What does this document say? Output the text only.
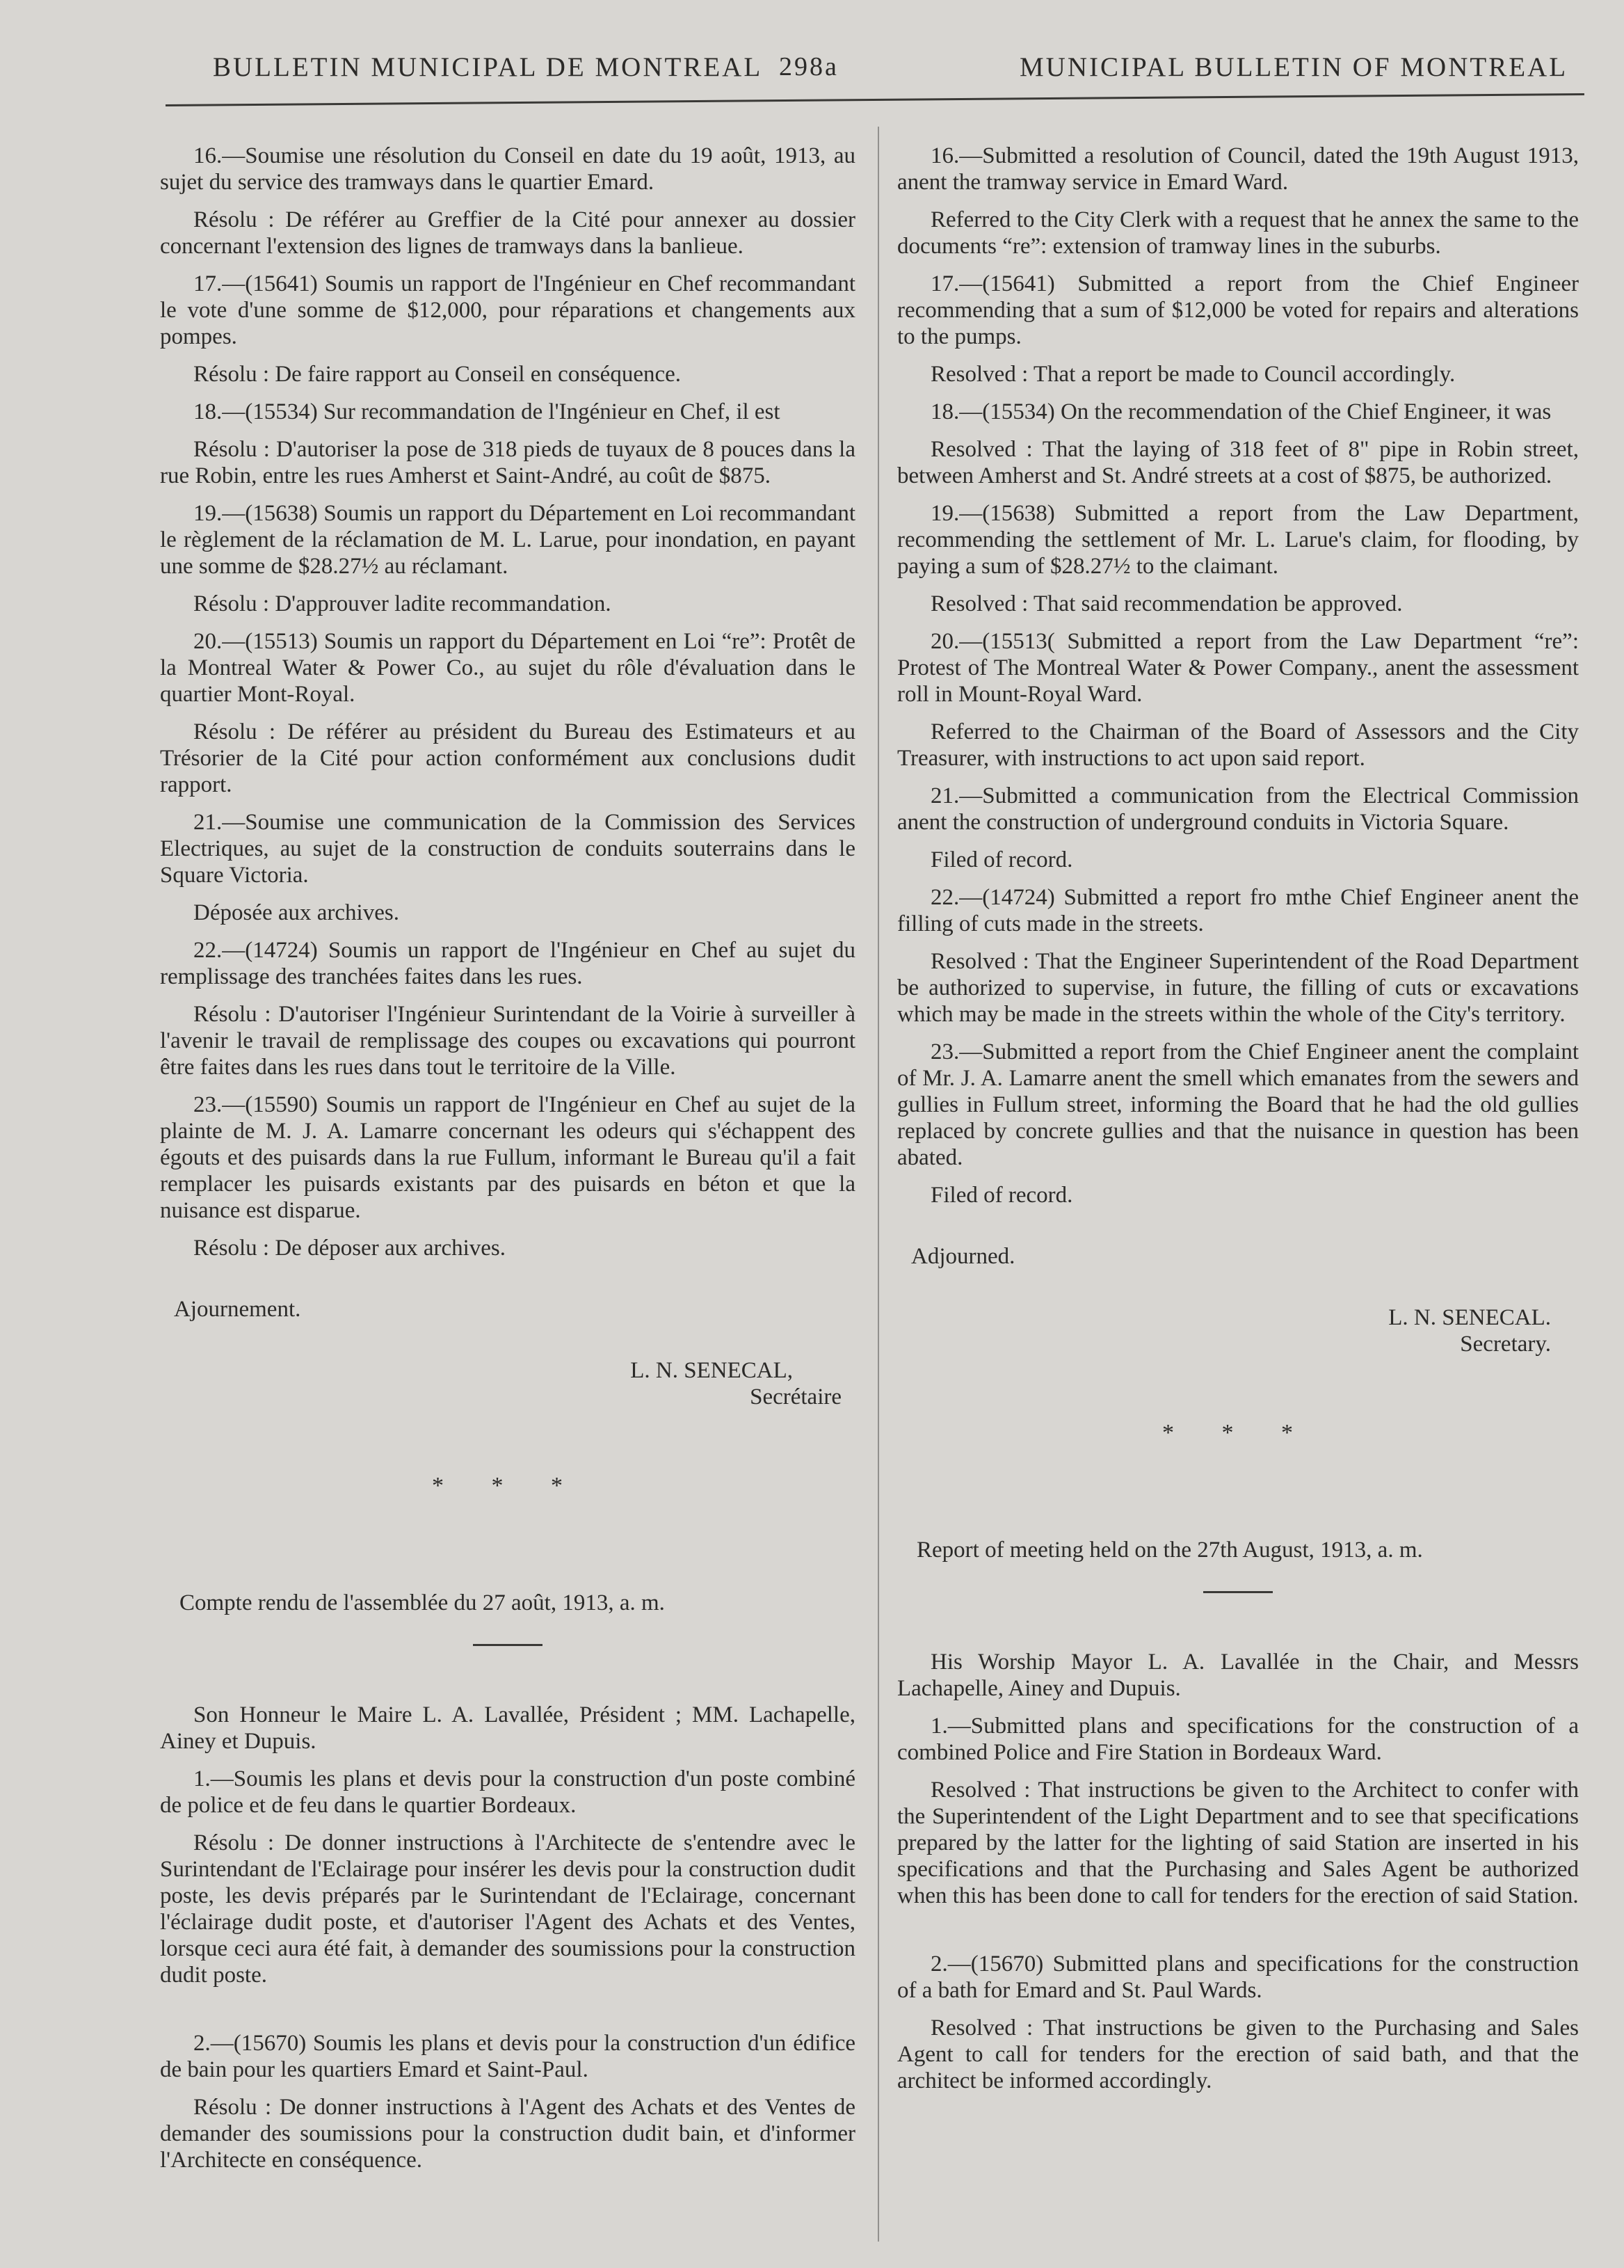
BULLETIN MUNICIPAL DE MONTREAL 298a	MUNICIPAL BULLETIN OF MONTREAL

16.—Soumise une résolution du Conseil en date du 19 août, 1913, au sujet du service des tramways dans le quartier Emard.

Résolu : De référer au Greffier de la Cité pour annexer au dossier concernant l'extension des lignes de tramways dans la banlieue.

17.—(15641) Soumis un rapport de l'Ingénieur en Chef recommandant le vote d'une somme de $12,000, pour réparations et changements aux pompes.

Résolu : De faire rapport au Conseil en conséquence.

18.—(15534) Sur recommandation de l'Ingénieur en Chef, il est

Résolu : D'autoriser la pose de 318 pieds de tuyaux de 8 pouces dans la rue Robin, entre les rues Amherst et Saint-André, au coût de $875.

19.—(15638) Soumis un rapport du Département en Loi recommandant le règlement de la réclamation de M. L. Larue, pour inondation, en payant une somme de $28.27½ au réclamant.

Résolu : D'approuver ladite recommandation.

20.—(15513) Soumis un rapport du Département en Loi “re”: Protêt de la Montreal Water & Power Co., au sujet du rôle d'évaluation dans le quartier Mont-Royal.

Résolu : De référer au président du Bureau des Estimateurs et au Trésorier de la Cité pour action conformément aux conclusions dudit rapport.

21.—Soumise une communication de la Commission des Services Electriques, au sujet de la construction de conduits souterrains dans le Square Victoria.

Déposée aux archives.

22.—(14724) Soumis un rapport de l'Ingénieur en Chef au sujet du remplissage des tranchées faites dans les rues.

Résolu : D'autoriser l'Ingénieur Surintendant de la Voirie à surveiller à l'avenir le travail de remplissage des coupes ou excavations qui pourront être faites dans les rues dans tout le territoire de la Ville.

23.—(15590) Soumis un rapport de l'Ingénieur en Chef au sujet de la plainte de M. J. A. Lamarre concernant les odeurs qui s'échappent des égouts et des puisards dans la rue Fullum, informant le Bureau qu'il a fait remplacer les puisards existants par des puisards en béton et que la nuisance est disparue.

Résolu : De déposer aux archives.

Ajournement.

L. N. SENECAL,

Secrétaire

* * *

Compte rendu de l'assemblée du 27 août, 1913, a. m.

Son Honneur le Maire L. A. Lavallée, Président ; MM. Lachapelle, Ainey et Dupuis.

1.—Soumis les plans et devis pour la construction d'un poste combiné de police et de feu dans le quartier Bordeaux.

Résolu : De donner instructions à l'Architecte de s'entendre avec le Surintendant de l'Eclairage pour insérer les devis pour la construction dudit poste, les devis préparés par le Surintendant de l'Eclairage, concernant l'éclairage dudit poste, et d'autoriser l'Agent des Achats et des Ventes, lorsque ceci aura été fait, à demander des soumissions pour la construction dudit poste.

2.—(15670) Soumis les plans et devis pour la construction d'un édifice de bain pour les quartiers Emard et Saint-Paul.

Résolu : De donner instructions à l'Agent des Achats et des Ventes de demander des soumissions pour la construction dudit bain, et d'informer l'Architecte en conséquence.

16.—Submitted a resolution of Council, dated the 19th August 1913, anent the tramway service in Emard Ward.

Referred to the City Clerk with a request that he annex the same to the documents “re”: extension of tramway lines in the suburbs.

17.—(15641) Submitted a report from the Chief Engineer recommending that a sum of $12,000 be voted for repairs and alterations to the pumps.

Resolved : That a report be made to Council accordingly.

18.—(15534) On the recommendation of the Chief Engineer, it was

Resolved : That the laying of 318 feet of 8" pipe in Robin street, between Amherst and St. André streets at a cost of $875, be authorized.

19.—(15638) Submitted a report from the Law Department, recommending the settlement of Mr. L. Larue's claim, for flooding, by paying a sum of $28.27½ to the claimant.

Resolved : That said recommendation be approved.

20.—(15513( Submitted a report from the Law Department “re”: Protest of The Montreal Water & Power Company., anent the assessment roll in Mount-Royal Ward.

Referred to the Chairman of the Board of Assessors and the City Treasurer, with instructions to act upon said report.

21.—Submitted a communication from the Electrical Commission anent the construction of underground conduits in Victoria Square.

Filed of record.

22.—(14724) Submitted a report fro mthe Chief Engineer anent the filling of cuts made in the streets.

Resolved : That the Engineer Superintendent of the Road Department be authorized to supervise, in future, the filling of cuts or excavations which may be made in the streets within the whole of the City's territory.

23.—Submitted a report from the Chief Engineer anent the complaint of Mr. J. A. Lamarre anent the smell which emanates from the sewers and gullies in Fullum street, informing the Board that he had the old gullies replaced by concrete gullies and that the nuisance in question has been abated.

Filed of record.

Adjourned.

L. N. SENECAL.

Secretary.

* * *

Report of meeting held on the 27th August, 1913, a. m.

His Worship Mayor L. A. Lavallée in the Chair, and Messrs Lachapelle, Ainey and Dupuis.

1.—Submitted plans and specifications for the construction of a combined Police and Fire Station in Bordeaux Ward.

Resolved : That instructions be given to the Architect to confer with the Superintendent of the Light Department and to see that specifications prepared by the latter for the lighting of said Station are inserted in his specifications and that the Purchasing and Sales Agent be authorized when this has been done to call for tenders for the erection of said Station.

2.—(15670) Submitted plans and specifications for the construction of a bath for Emard and St. Paul Wards.

Resolved : That instructions be given to the Purchasing and Sales Agent to call for tenders for the erection of said bath, and that the architect be informed accordingly.
